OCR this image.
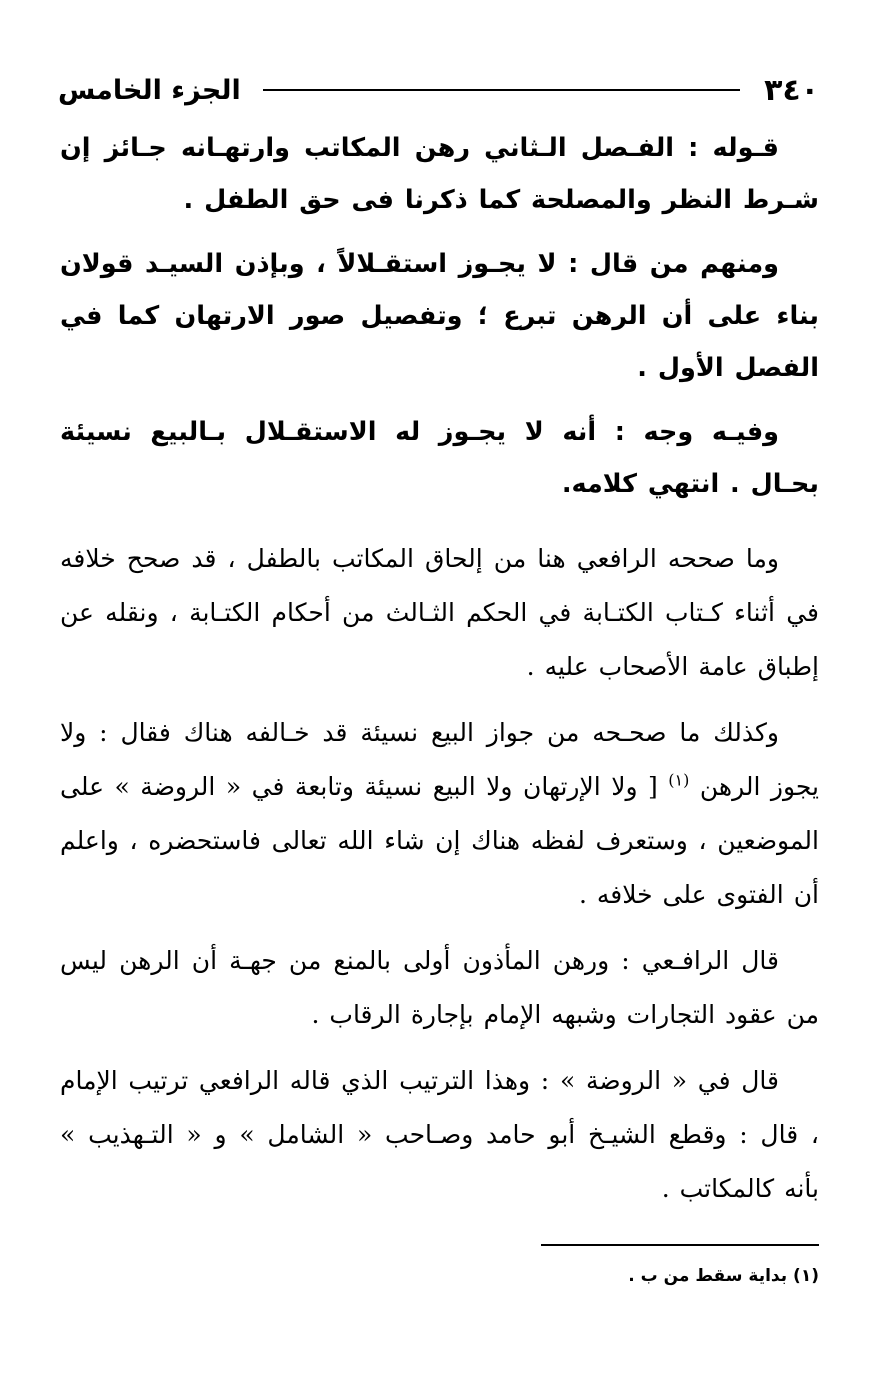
٣٤٠
الجزء الخامس

قـوله : الفـصل الـثاني رهن المكاتب وارتهـانه جـائز إن شـرط النظر والمصلحة كما ذكرنا فى حق الطفل .

ومنهم من قال : لا يجـوز استقـلالاً ، وبإذن السيـد قولان بناء على أن الرهن تبرع ؛ وتفصيل صور الارتهان كما في الفصل الأول .

وفيـه وجه : أنه لا يجـوز له الاستقـلال بـالبيع نسيئة بحـال . انتهي كلامه.

وما صححه الرافعي هنا من إلحاق المكاتب بالطفل ، قد صحح خلافه في أثناء كـتاب الكتـابة في الحكم الثـالث من أحكام الكتـابة ، ونقله عن إطباق عامة الأصحاب عليه .

وكذلك ما صحـحه من جواز البيع نسيئة قد خـالفه هناك فقال : ولا يجوز الرهن $^{(١)}$ [ ولا الإرتهان ولا البيع نسيئة وتابعة في « الروضة » على الموضعين ، وستعرف لفظه هناك إن شاء الله تعالى فاستحضره ، واعلم أن الفتوى على خلافه .

قال الرافـعي : ورهن المأذون أولى بالمنع من جهـة أن الرهن ليس من عقود التجارات وشبهه الإمام بإجارة الرقاب .

قال في « الروضة » : وهذا الترتيب الذي قاله الرافعي ترتيب الإمام ، قال : وقطع الشيـخ أبو حامد وصـاحب « الشامل » و « التـهذيب » بأنه كالمكاتب .

(١) بداية سقط من ب .
